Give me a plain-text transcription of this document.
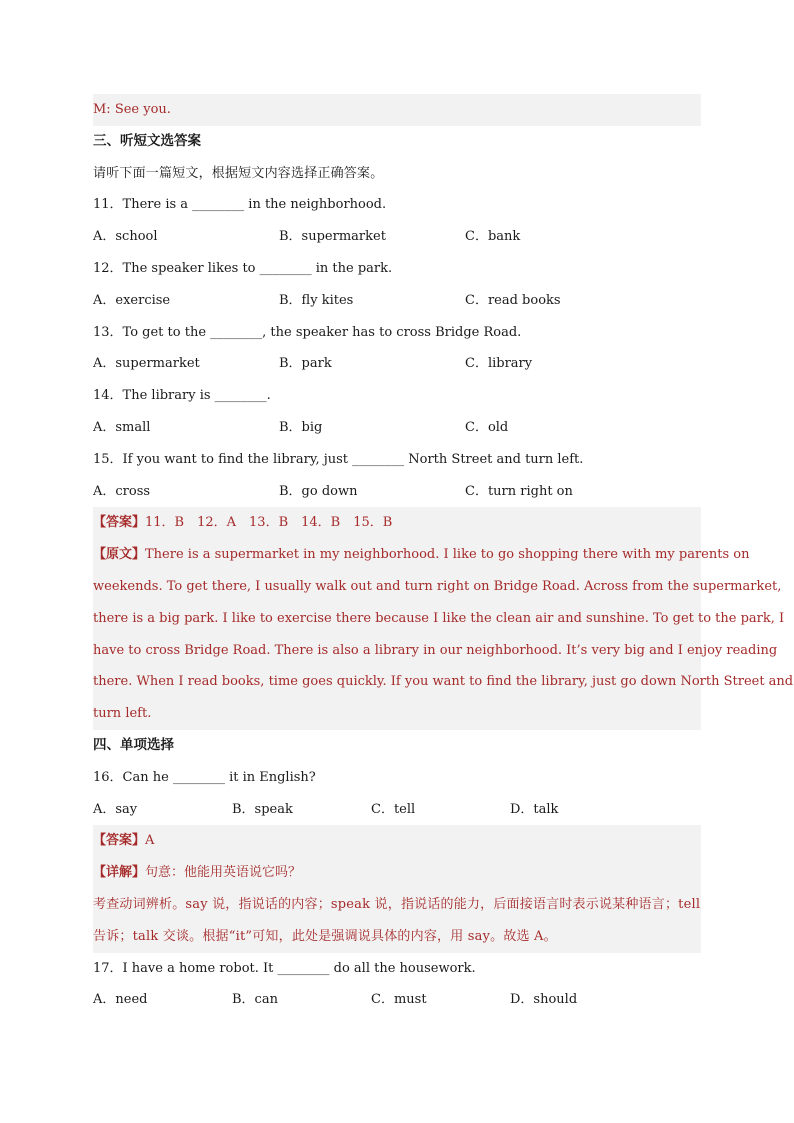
M: See you.
三、听短文选答案
请听下面一篇短文，根据短文内容选择正确答案。
11．There is a ________ in the neighborhood.
A．school	B．supermarket	C．bank
12．The speaker likes to ________ in the park.
A．exercise	B．fly kites	C．read books
13．To get to the ________, the speaker has to cross Bridge Road.
A．supermarket	B．park	C．library
14．The library is ________.
A．small	B．big	C．old
15．If you want to find the library, just ________ North Street and turn left.
A．cross	B．go down	C．turn right on
【答案】11．B　12．A　13．B　14．B　15．B
【原文】There is a supermarket in my neighborhood. I like to go shopping there with my parents on
weekends. To get there, I usually walk out and turn right on Bridge Road. Across from the supermarket,
there is a big park. I like to exercise there because I like the clean air and sunshine. To get to the park, I
have to cross Bridge Road. There is also a library in our neighborhood. It’s very big and I enjoy reading
there. When I read books, time goes quickly. If you want to find the library, just go down North Street and
turn left.
四、单项选择
16．Can he ________ it in English?
A．say	B．speak	C．tell	D．talk
【答案】A
【详解】句意：他能用英语说它吗？
考查动词辨析。say 说，指说话的内容；speak 说，指说话的能力，后面接语言时表示说某种语言；tell
告诉；talk 交谈。根据“it”可知，此处是强调说具体的内容，用 say。故选 A。
17．I have a home robot. It ________ do all the housework.
A．need	B．can	C．must	D．should
